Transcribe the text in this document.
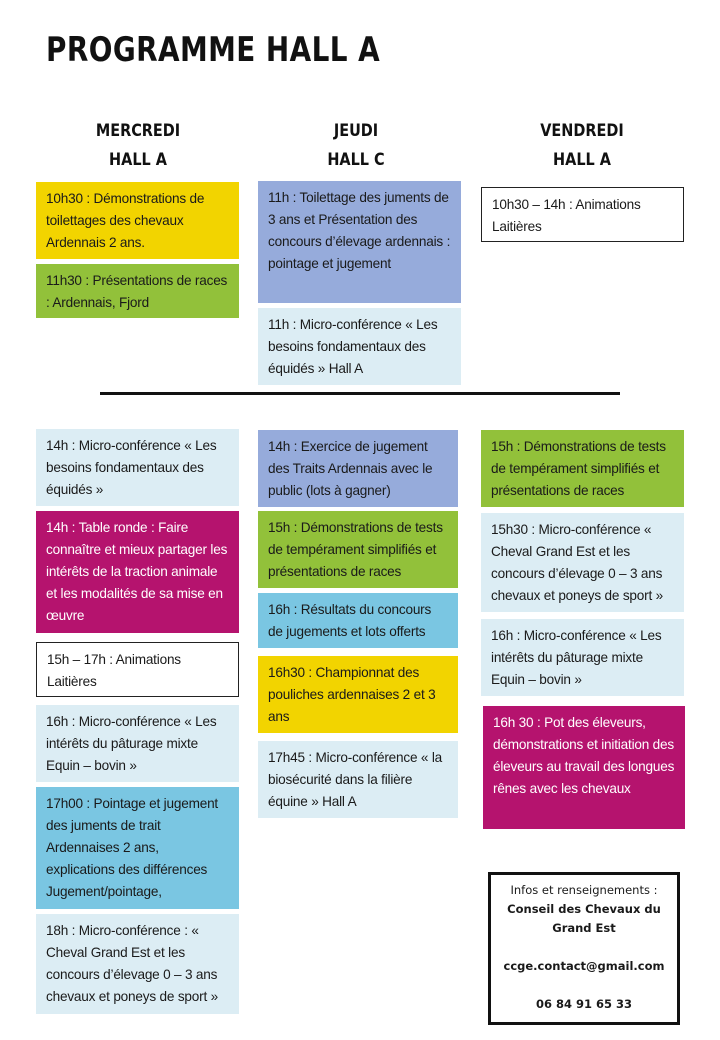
PROGRAMME HALL A
MERCREDI
HALL A
JEUDI
HALL C
VENDREDI
HALL A
10h30 : Démonstrations de toilettages des chevaux Ardennais 2 ans.
11h30 : Présentations de races : Ardennais, Fjord
11h : Toilettage des juments de 3 ans et Présentation des concours d’élevage ardennais : pointage et jugement
11h : Micro-conférence « Les besoins fondamentaux des équidés » Hall A
10h30 – 14h : Animations Laitières
14h : Micro-conférence « Les besoins fondamentaux des équidés »
14h : Table ronde : Faire connaître et mieux partager les intérêts de la traction animale et les modalités de sa mise en œuvre
15h – 17h : Animations Laitières
16h : Micro-conférence « Les intérêts du pâturage mixte Equin – bovin »
17h00 : Pointage et jugement des juments de trait Ardennaises 2 ans, explications des différences Jugement/pointage,
18h : Micro-conférence : « Cheval Grand Est et les concours d’élevage 0 – 3 ans chevaux et poneys de sport »
14h : Exercice de jugement des Traits Ardennais avec le public (lots à gagner)
15h : Démonstrations de tests de tempérament simplifiés et présentations de races
16h : Résultats du concours de jugements et lots offerts
16h30 : Championnat des pouliches ardennaises 2 et 3 ans
17h45 : Micro-conférence « la biosécurité dans la filière équine » Hall A
15h : Démonstrations de tests de tempérament simplifiés et présentations de races
15h30 : Micro-conférence « Cheval Grand Est et les concours d’élevage 0 – 3 ans chevaux et poneys de sport »
16h : Micro-conférence « Les intérêts du pâturage mixte Equin – bovin »
16h 30 : Pot des éleveurs, démonstrations et initiation des éleveurs au travail des longues rênes avec les chevaux
Infos et renseignements :
Conseil des Chevaux du
Grand Est
ccge.contact@gmail.com
06 84 91 65 33
